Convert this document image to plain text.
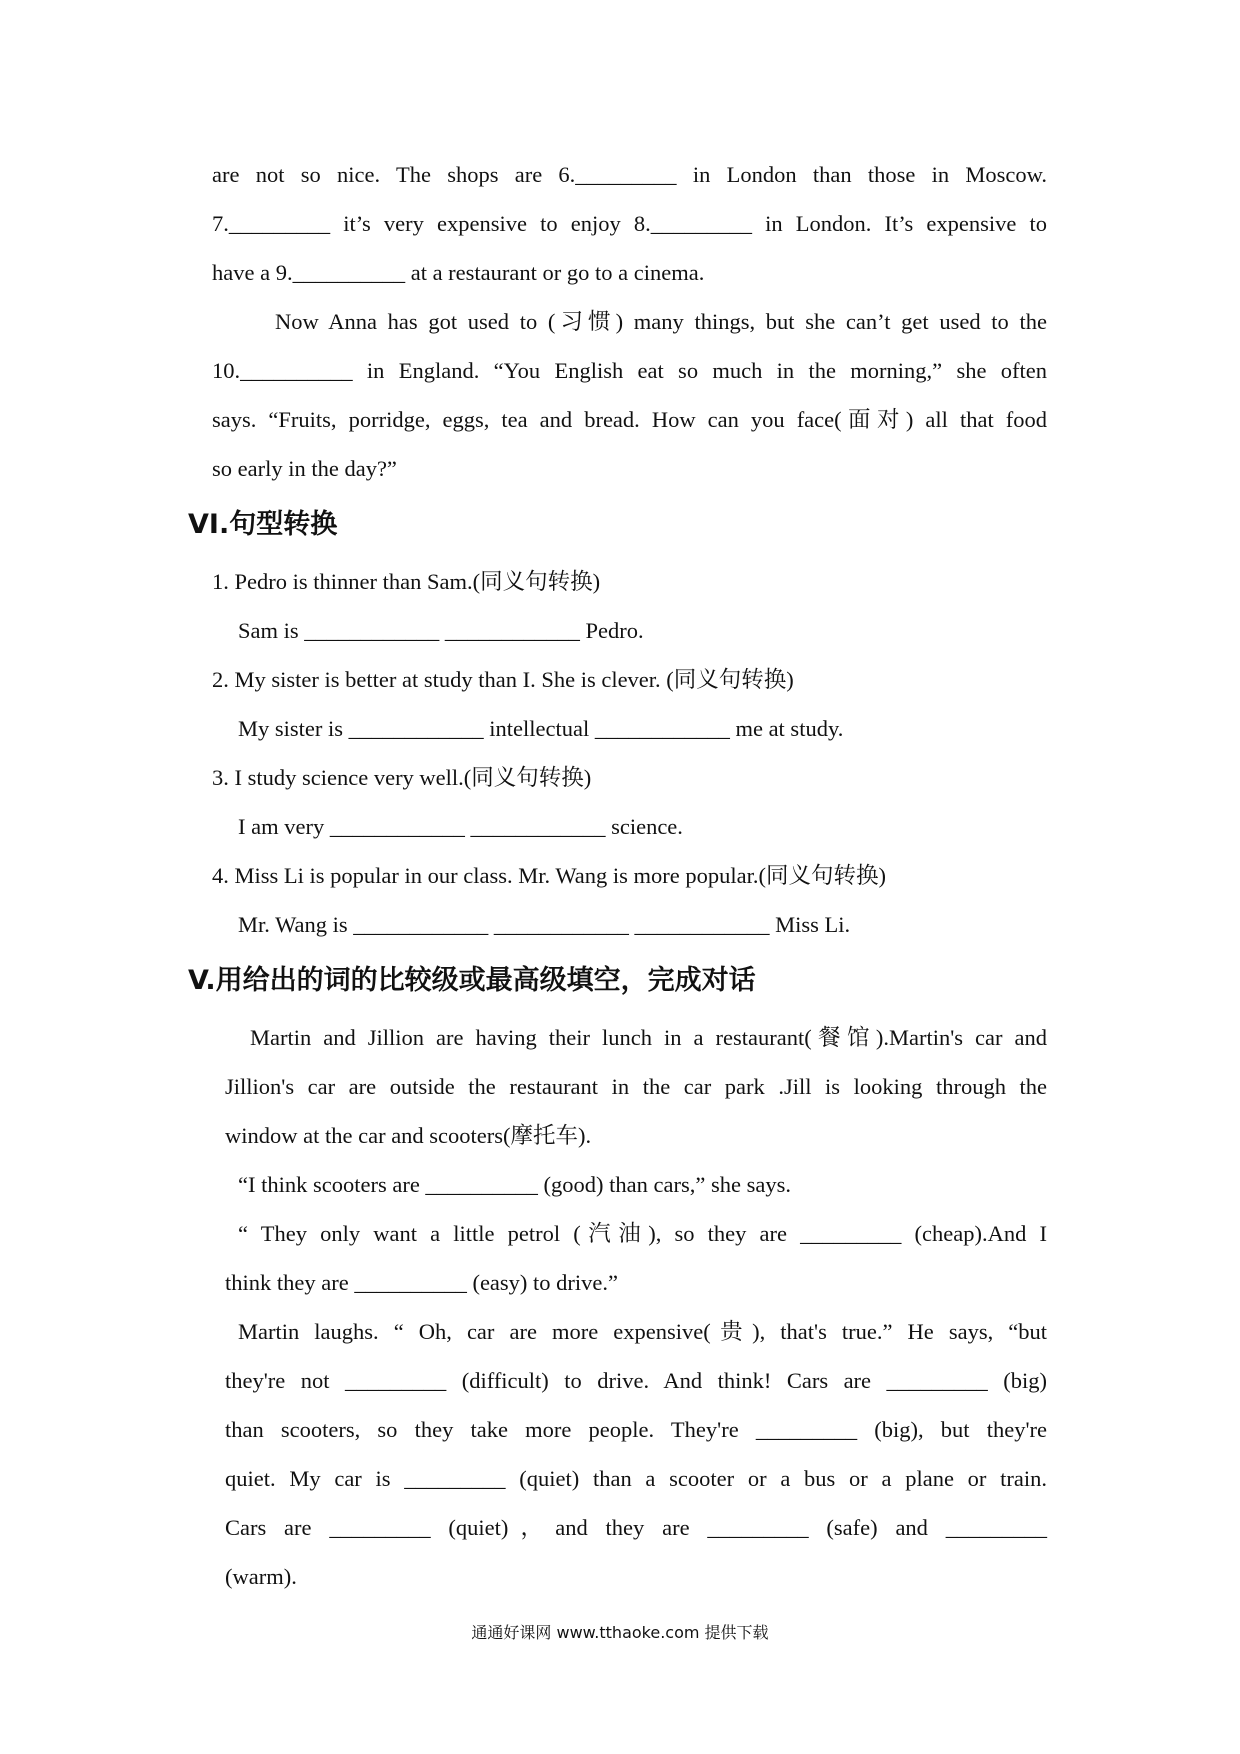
are not so nice. The shops are 6._________ in London than those in Moscow.
7._________ it’s very expensive to enjoy 8._________ in London. It’s expensive to
have a 9.__________ at a restaurant or go to a cinema.
Now Anna has got used to (习惯) many things, but she can’t get used to the
10.__________ in England. “You English eat so much in the morning,” she often
says. “Fruits, porridge, eggs, tea and bread. How can you face(面对) all that food
so early in the day?”
VI.句型转换
1. Pedro is thinner than Sam.(同义句转换)
Sam is ____________ ____________ Pedro.
2. My sister is better at study than I. She is clever. (同义句转换)
My sister is ____________ intellectual ____________ me at study.
3. I study science very well.(同义句转换)
I am very ____________ ____________ science.
4. Miss Li is popular in our class. Mr. Wang is more popular.(同义句转换)
Mr. Wang is ____________ ____________ ____________ Miss Li.
V.用给出的词的比较级或最高级填空，完成对话
Martin and Jillion are having their lunch in a restaurant(餐馆).Martin's car and
Jillion's car are outside the restaurant in the car park .Jill is looking through the
window at the car and scooters(摩托车).
“I think scooters are __________ (good) than cars,” she says.
“ They only want a little petrol (汽油), so they are _________ (cheap).And I
think they are __________ (easy) to drive.”
Martin laughs. “ Oh, car are more expensive(贵), that's true.” He says, “but
they're not _________ (difficult) to drive. And think! Cars are _________ (big)
than scooters, so they take more people. They're _________ (big), but they're
quiet. My car is _________ (quiet) than a scooter or a bus or a plane or train.
Cars are _________ (quiet)，and they are _________ (safe) and _________
(warm).
通通好课网 www.tthaoke.com 提供下载
